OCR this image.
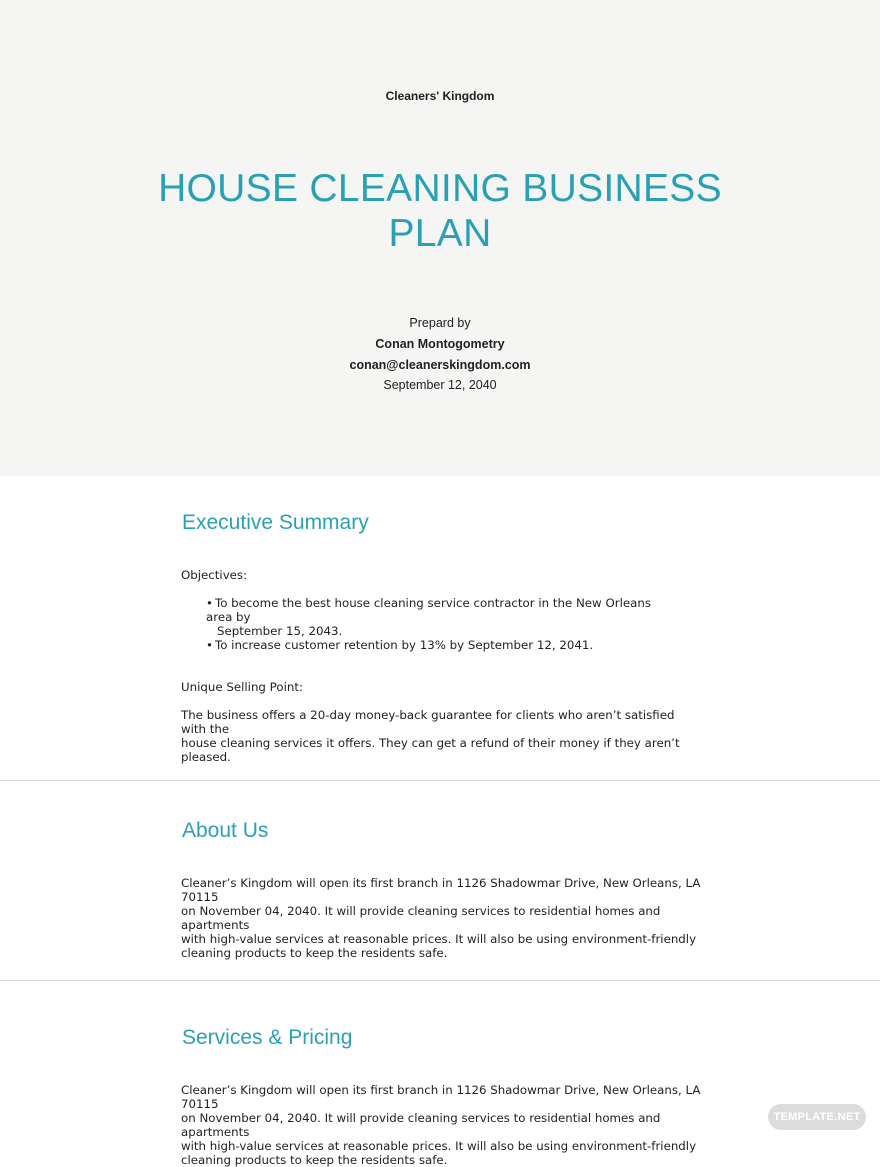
Cleaners' Kingdom
HOUSE CLEANING BUSINESS PLAN
Prepard by
Conan Montogometry
conan@cleanerskingdom.com
September 12, 2040
Executive Summary
Objectives:
• To become the best house cleaning service contractor in the New Orleans area by
September 15, 2043.
• To increase customer retention by 13% by September 12, 2041.
Unique Selling Point:
The business offers a 20-day money-back guarantee for clients who aren’t satisfied with the
house cleaning services it offers. They can get a refund of their money if they aren’t pleased.
About Us
Cleaner’s Kingdom will open its first branch in 1126 Shadowmar Drive, New Orleans, LA 70115
on November 04, 2040. It will provide cleaning services to residential homes and apartments
with high-value services at reasonable prices. It will also be using environment-friendly
cleaning products to keep the residents safe.
Services & Pricing
Cleaner’s Kingdom will open its first branch in 1126 Shadowmar Drive, New Orleans, LA 70115
on November 04, 2040. It will provide cleaning services to residential homes and apartments
with high-value services at reasonable prices. It will also be using environment-friendly
cleaning products to keep the residents safe.
TEMPLATE.NET
